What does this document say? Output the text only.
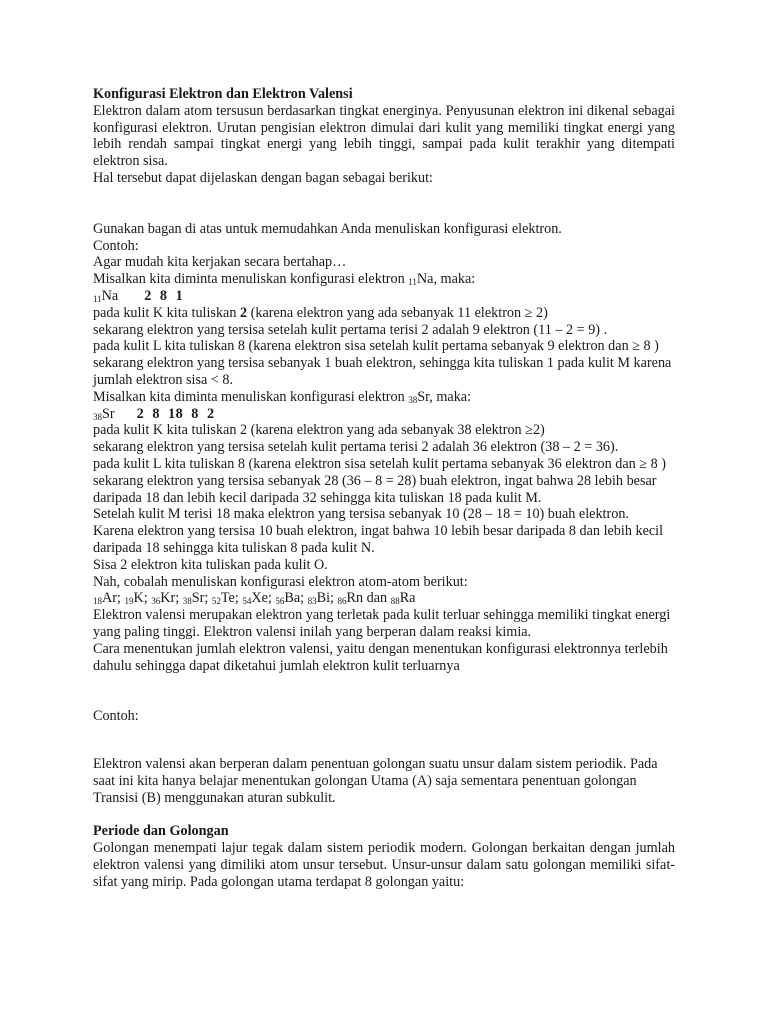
Konfigurasi Elektron dan Elektron Valensi

Elektron dalam atom tersusun berdasarkan tingkat energinya. Penyusunan elektron ini dikenal sebagai konfigurasi elektron. Urutan pengisian elektron dimulai dari kulit yang memiliki tingkat energi yang lebih rendah sampai tingkat energi yang lebih tinggi, sampai pada kulit terakhir yang ditempati elektron sisa.

Hal tersebut dapat dijelaskan dengan bagan sebagai berikut:

Gunakan bagan di atas untuk memudahkan Anda menuliskan konfigurasi elektron.

Contoh:

Agar mudah kita kerjakan secara bertahap…

Misalkan kita diminta menuliskan konfigurasi elektron $_{11}$Na, maka:

$_{11}$Na 2  8  1

pada kulit K kita tuliskan 2 (karena elektron yang ada sebanyak 11 elektron ≥ 2)

sekarang elektron yang tersisa setelah kulit pertama terisi 2 adalah 9 elektron (11 – 2 = 9) .

pada kulit L kita tuliskan 8 (karena elektron sisa setelah kulit pertama sebanyak 9 elektron dan ≥ 8 )

sekarang elektron yang tersisa sebanyak 1 buah elektron, sehingga kita tuliskan 1 pada kulit M karena jumlah elektron sisa < 8.

Misalkan kita diminta menuliskan konfigurasi elektron $_{38}$Sr, maka:

$_{38}$Sr 2  8  18  8  2

pada kulit K kita tuliskan 2 (karena elektron yang ada sebanyak 38 elektron ≥2)

sekarang elektron yang tersisa setelah kulit pertama terisi 2 adalah 36 elektron (38 – 2 = 36).

pada kulit L kita tuliskan 8 (karena elektron sisa setelah kulit pertama sebanyak 36 elektron dan ≥ 8 )

sekarang elektron yang tersisa sebanyak 28 (36 – 8 = 28) buah elektron, ingat bahwa 28 lebih besar daripada 18 dan lebih kecil daripada 32 sehingga kita tuliskan 18 pada kulit M.

Setelah kulit M terisi 18 maka elektron yang tersisa sebanyak 10 (28 – 18 = 10) buah elektron.

Karena elektron yang tersisa 10 buah elektron, ingat bahwa 10 lebih besar daripada 8 dan lebih kecil daripada 18 sehingga kita tuliskan 8 pada kulit N.

Sisa 2 elektron kita tuliskan pada kulit O.

Nah, cobalah menuliskan konfigurasi elektron atom-atom berikut:

$_{18}$Ar; $_{19}$K; $_{36}$Kr; $_{38}$Sr; $_{52}$Te; $_{54}$Xe; $_{56}$Ba; $_{83}$Bi; $_{86}$Rn dan $_{88}$Ra

Elektron valensi merupakan elektron yang terletak pada kulit terluar sehingga memiliki tingkat energi yang paling tinggi. Elektron valensi inilah yang berperan dalam reaksi kimia.

Cara menentukan jumlah elektron valensi, yaitu dengan menentukan konfigurasi elektronnya terlebih dahulu sehingga dapat diketahui jumlah elektron kulit terluarnya

Contoh:

Elektron valensi akan berperan dalam penentuan golongan suatu unsur dalam sistem periodik. Pada saat ini kita hanya belajar menentukan golongan Utama (A) saja sementara penentuan golongan Transisi (B) menggunakan aturan subkulit.

Periode dan Golongan

Golongan menempati lajur tegak dalam sistem periodik modern. Golongan berkaitan dengan jumlah elektron valensi yang dimiliki atom unsur tersebut. Unsur-unsur dalam satu golongan memiliki sifat-sifat yang mirip. Pada golongan utama terdapat 8 golongan yaitu:
